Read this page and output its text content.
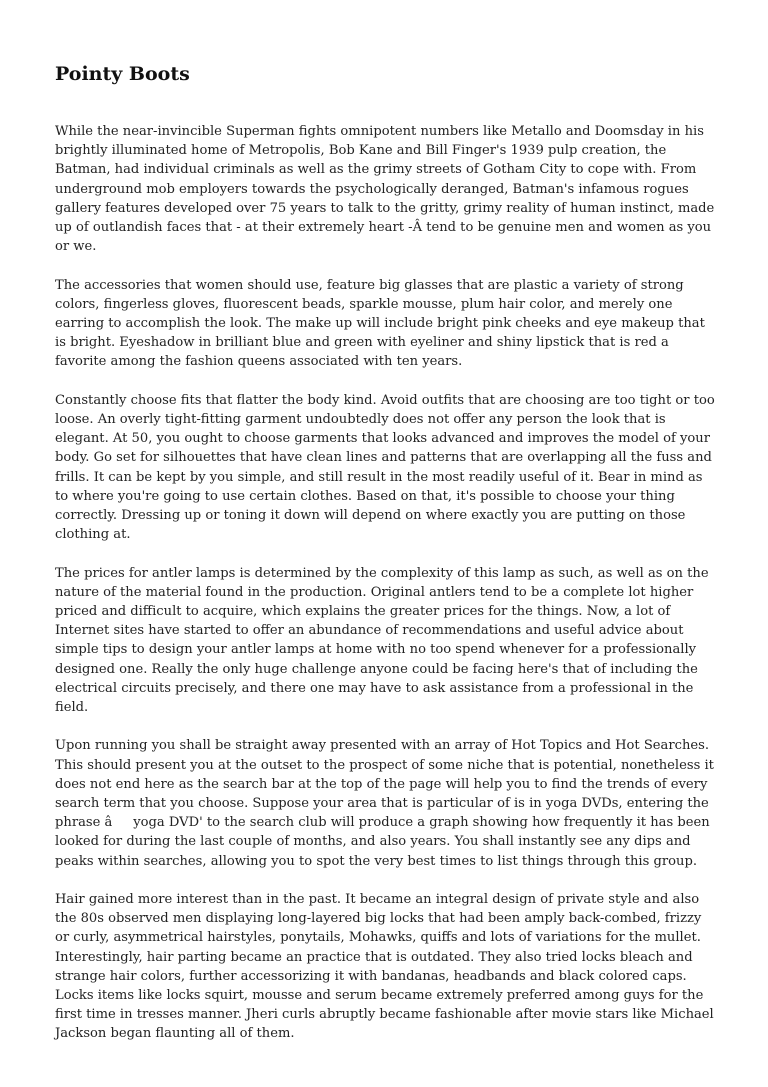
Pointy Boots

While the near-invincible Superman fights omnipotent numbers like Metallo and Doomsday in his brightly illuminated home of Metropolis, Bob Kane and Bill Finger's 1939 pulp creation, the Batman, had individual criminals as well as the grimy streets of Gotham City to cope with. From underground mob employers towards the psychologically deranged, Batman's infamous rogues gallery features developed over 75 years to talk to the gritty, grimy reality of human instinct, made up of outlandish faces that - at their extremely heart -Â tend to be genuine men and women as you or we.

The accessories that women should use, feature big glasses that are plastic a variety of strong colors, fingerless gloves, fluorescent beads, sparkle mousse, plum hair color, and merely one earring to accomplish the look. The make up will include bright pink cheeks and eye makeup that is bright. Eyeshadow in brilliant blue and green with eyeliner and shiny lipstick that is red a favorite among the fashion queens associated with ten years.

Constantly choose fits that flatter the body kind. Avoid outfits that are choosing are too tight or too loose. An overly tight-fitting garment undoubtedly does not offer any person the look that is elegant. At 50, you ought to choose garments that looks advanced and improves the model of your body. Go set for silhouettes that have clean lines and patterns that are overlapping all the fuss and frills. It can be kept by you simple, and still result in the most readily useful of it. Bear in mind as to where you're going to use certain clothes. Based on that, it's possible to choose your thing correctly. Dressing up or toning it down will depend on where exactly you are putting on those clothing at.

The prices for antler lamps is determined by the complexity of this lamp as such, as well as on the nature of the material found in the production. Original antlers tend to be a complete lot higher priced and difficult to acquire, which explains the greater prices for the things. Now, a lot of Internet sites have started to offer an abundance of recommendations and useful advice about simple tips to design your antler lamps at home with no too spend whenever for a professionally designed one. Really the only huge challenge anyone could be facing here's that of including the electrical circuits precisely, and there one may have to ask assistance from a professional in the field.

Upon running you shall be straight away presented with an array of Hot Topics and Hot Searches. This should present you at the outset to the prospect of some niche that is potential, nonetheless it does not end here as the search bar at the top of the page will help you to find the trends of every search term that you choose. Suppose your area that is particular of is in yoga DVDs, entering the phrase âyoga DVD' to the search club will produce a graph showing how frequently it has been looked for during the last couple of months, and also years. You shall instantly see any dips and peaks within searches, allowing you to spot the very best times to list things through this group.

Hair gained more interest than in the past. It became an integral design of private style and also the 80s observed men displaying long-layered big locks that had been amply back-combed, frizzy or curly, asymmetrical hairstyles, ponytails, Mohawks, quiffs and lots of variations for the mullet. Interestingly, hair parting became an practice that is outdated. They also tried locks bleach and strange hair colors, further accessorizing it with bandanas, headbands and black colored caps. Locks items like locks squirt, mousse and serum became extremely preferred among guys for the first time in tresses manner. Jheri curls abruptly became fashionable after movie stars like Michael Jackson began flaunting all of them.
